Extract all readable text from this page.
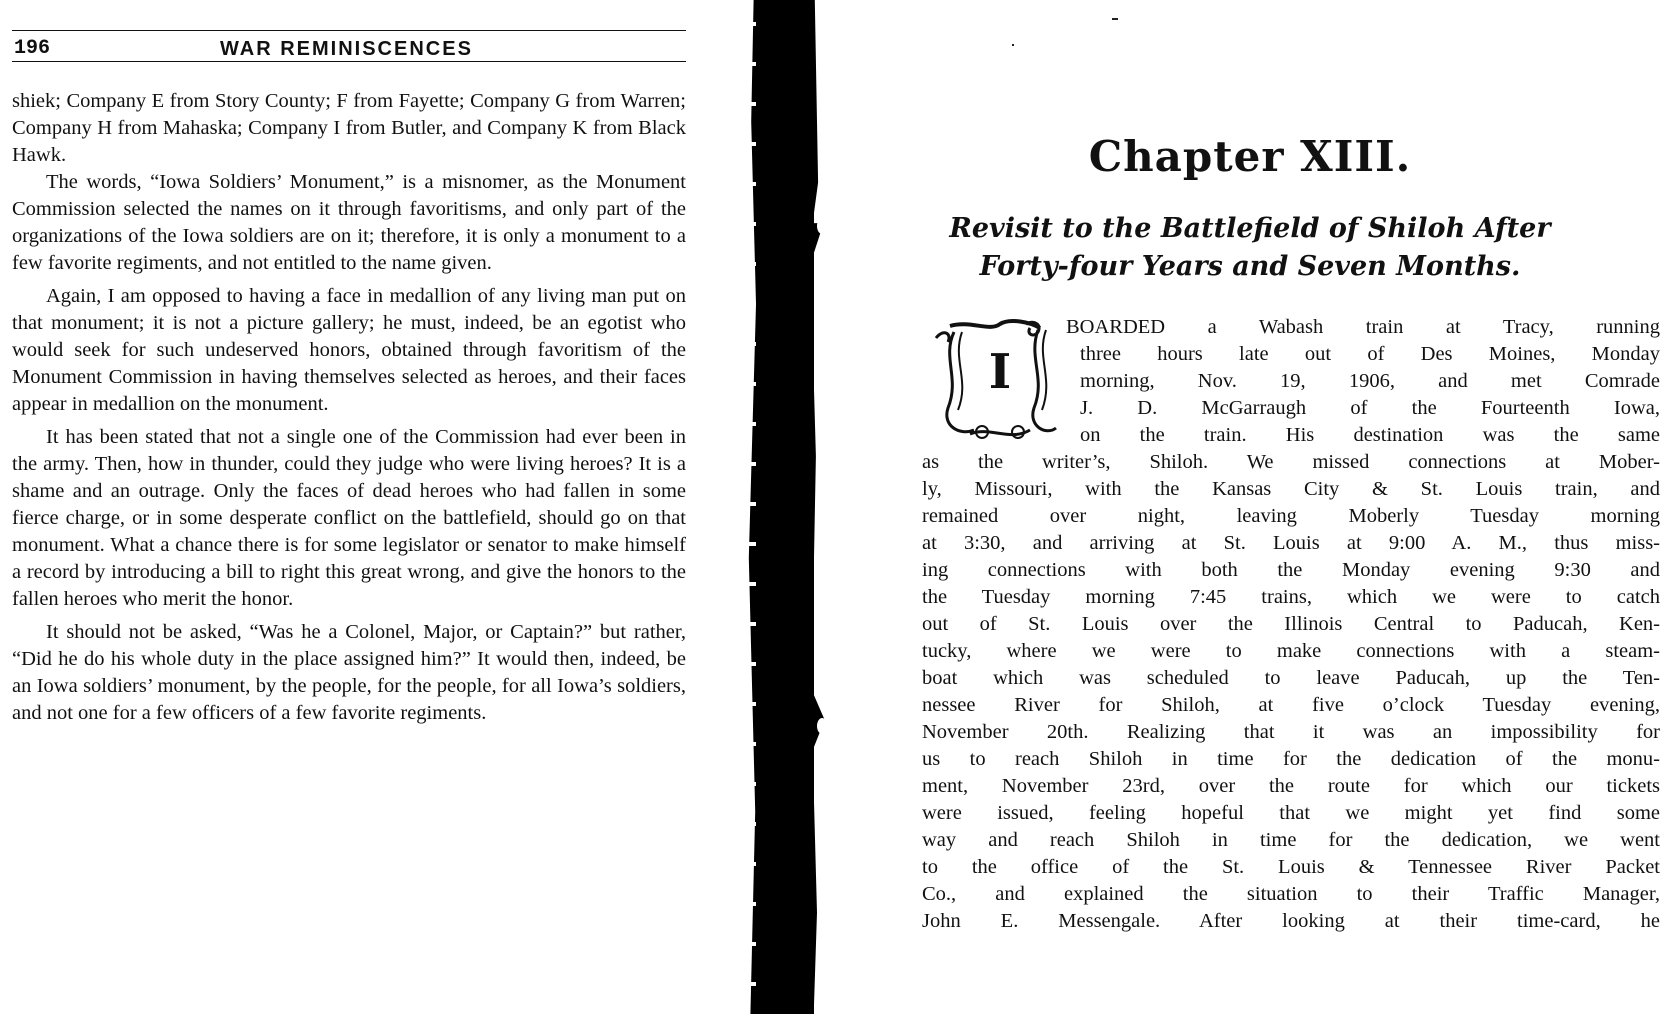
196	WAR REMINISCENCES

shiek; Company E from Story County; F from Fayette; Company G from Warren; Company H from Mahaska; Company I from Butler, and Company K from Black Hawk.

The words, “Iowa Soldiers’ Monument,” is a misnomer, as the Monument Commission selected the names on it through favoritisms, and only part of the organizations of the Iowa soldiers are on it; therefore, it is only a monument to a few favorite regiments, and not entitled to the name given.

Again, I am opposed to having a face in medallion of any living man put on that monument; it is not a picture gallery; he must, indeed, be an egotist who would seek for such undeserved honors, obtained through favoritism of the Monument Commission in having themselves selected as heroes, and their faces appear in medallion on the monument.

It has been stated that not a single one of the Commission had ever been in the army. Then, how in thunder, could they judge who were living heroes? It is a shame and an outrage. Only the faces of dead heroes who had fallen in some fierce charge, or in some desperate conflict on the battlefield, should go on that monument. What a chance there is for some legislator or senator to make himself a record by introducing a bill to right this great wrong, and give the honors to the fallen heroes who merit the honor.

It should not be asked, “Was he a Colonel, Major, or Captain?” but rather, “Did he do his whole duty in the place assigned him?” It would then, indeed, be an Iowa soldiers’ monument, by the people, for the people, for all Iowa’s soldiers, and not one for a few officers of a few favorite regiments.

Chapter XIII.
Revisit to the Battlefield of Shiloh After
Forty-four Years and Seven Months.
I
BOARDED a Wabash train at Tracy, running
three hours late out of Des Moines, Monday
morning, Nov. 19, 1906, and met Comrade
J. D. McGarraugh of the Fourteenth Iowa,
on the train. His destination was the same
as the writer’s, Shiloh. We missed connections at Mober-
ly, Missouri, with the Kansas City & St. Louis train, and
remained over night, leaving Moberly Tuesday morning
at 3:30, and arriving at St. Louis at 9:00 A. M., thus miss-
ing connections with both the Monday evening 9:30 and
the Tuesday morning 7:45 trains, which we were to catch
out of St. Louis over the Illinois Central to Paducah, Ken-
tucky, where we were to make connections with a steam-
boat which was scheduled to leave Paducah, up the Ten-
nessee River for Shiloh, at five o’clock Tuesday evening,
November 20th. Realizing that it was an impossibility for
us to reach Shiloh in time for the dedication of the monu-
ment, November 23rd, over the route for which our tickets
were issued, feeling hopeful that we might yet find some
way and reach Shiloh in time for the dedication, we went
to the office of the St. Louis & Tennessee River Packet
Co., and explained the situation to their Traffic Manager,
John E. Messengale. After looking at their time-card, he
